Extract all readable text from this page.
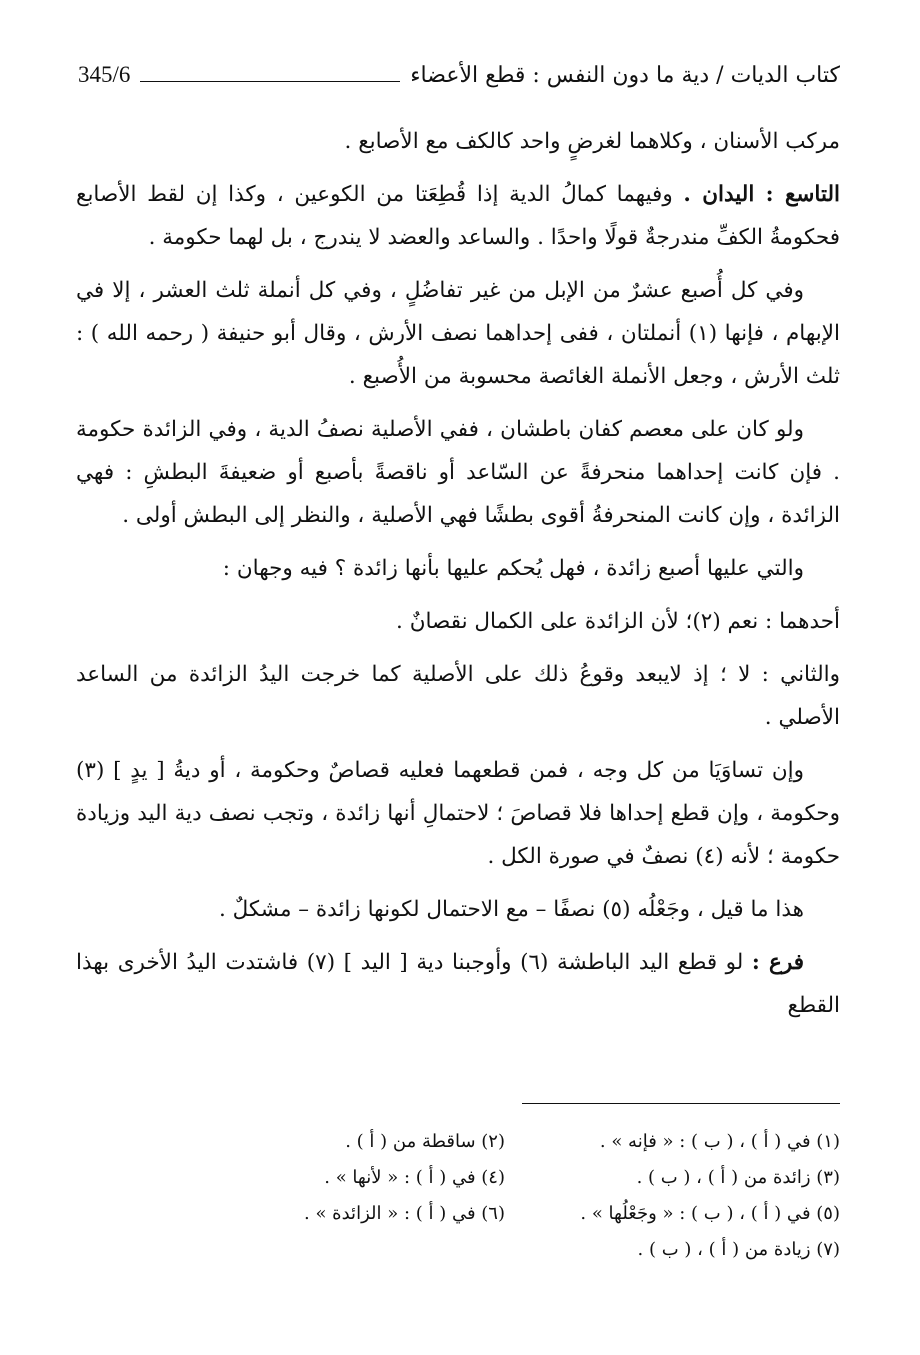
كتاب الديات / دية ما دون النفس : قطع الأعضاء
345/6

مركب الأسنان ، وكلاهما لغرضٍ واحد كالكف مع الأصابع .

التاسع : اليدان . وفيهما كمالُ الدية إذا قُطِعَتا من الكوعين ، وكذا إن لقط الأصابع فحكومةُ الكفِّ مندرجةٌ قولًا واحدًا . والساعد والعضد لا يندرج ، بل لهما حكومة .

وفي كل أُصبع عشرٌ من الإبل من غير تفاضُلٍ ، وفي كل أنملة ثلث العشر ، إلا في الإبهام ، فإنها (١) أنملتان ، ففى إحداهما نصف الأرش ، وقال أبو حنيفة ( رحمه الله ) : ثلث الأرش ، وجعل الأنملة الغائصة محسوبة من الأُصبع .

ولو كان على معصم كفان باطشان ، ففي الأصلية نصفُ الدية ، وفي الزائدة حكومة . فإن كانت إحداهما منحرفةً عن السّاعد أو ناقصةً بأصبع أو ضعيفةَ البطشِ : فهي الزائدة ، وإن كانت المنحرفةُ أقوى بطشًا فهي الأصلية ، والنظر إلى البطش أولى .

والتي عليها أصبع زائدة ، فهل يُحكم عليها بأنها زائدة ؟ فيه وجهان :

أحدهما : نعم (٢)؛ لأن الزائدة على الكمال نقصانٌ .

والثاني : لا ؛ إذ لايبعد وقوعُ ذلك على الأصلية كما خرجت اليدُ الزائدة من الساعد الأصلي .

وإن تساوَيَا من كل وجه ، فمن قطعهما فعليه قصاصٌ وحكومة ، أو ديةُ [ يدٍ ] (٣) وحكومة ، وإن قطع إحداها فلا قصاصَ ؛ لاحتمالِ أنها زائدة ، وتجب نصف دية اليد وزيادة حكومة ؛ لأنه (٤) نصفٌ في صورة الكل .

هذا ما قيل ، وجَعْلُه (٥) نصفًا – مع الاحتمال لكونها زائدة – مشكلٌ .

فرع : لو قطع اليد الباطشة (٦) وأوجبنا دية [ اليد ] (٧) فاشتدت اليدُ الأخرى بهذا القطع

(١) في ( أ ) ، ( ب ) : « فإنه » .
(٢) ساقطة من ( أ ) .
(٣) زائدة من ( أ ) ، ( ب ) .
(٤) في ( أ ) : « لأنها » .
(٥) في ( أ ) ، ( ب ) : « وجَعْلُها » .
(٦) في ( أ ) : « الزائدة » .
(٧) زيادة من ( أ ) ، ( ب ) .
